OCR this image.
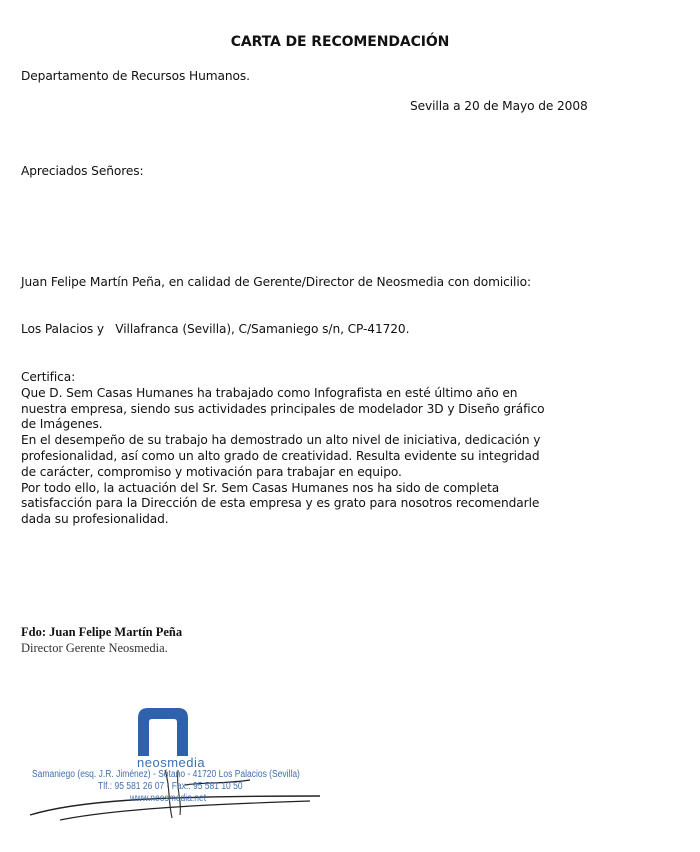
CARTA DE RECOMENDACIÓN
Departamento de Recursos Humanos.
Sevilla a 20 de Mayo de 2008
Apreciados Señores:

Juan Felipe Martín Peña, en calidad de Gerente/Director de Neosmedia con domicilio:

Los Palacios y   Villafranca (Sevilla), C/Samaniego s/n, CP-41720.

Certifica:
Que D. Sem Casas Humanes ha trabajado como Infografista en esté último año en
nuestra empresa, siendo sus actividades principales de modelador 3D y Diseño gráfico
de Imágenes.
En el desempeño de su trabajo ha demostrado un alto nivel de iniciativa, dedicación y
profesionalidad, así como un alto grado de creatividad. Resulta evidente su integridad
de carácter, compromiso y motivación para trabajar en equipo.
Por todo ello, la actuación del Sr. Sem Casas Humanes nos ha sido de completa
satisfacción para la Dirección de esta empresa y es grato para nosotros recomendarle
dada su profesionalidad.
Fdo: Juan Felipe Martín Peña
Director Gerente Neosmedia.
neosmedia
Samaniego (esq. J.R. Jiménez) - Sótano - 41720 Los Palacios (Sevilla)
Tlf.: 95 581 26 07 - Fax.: 95 581 10 50
www.neosmedia.net
